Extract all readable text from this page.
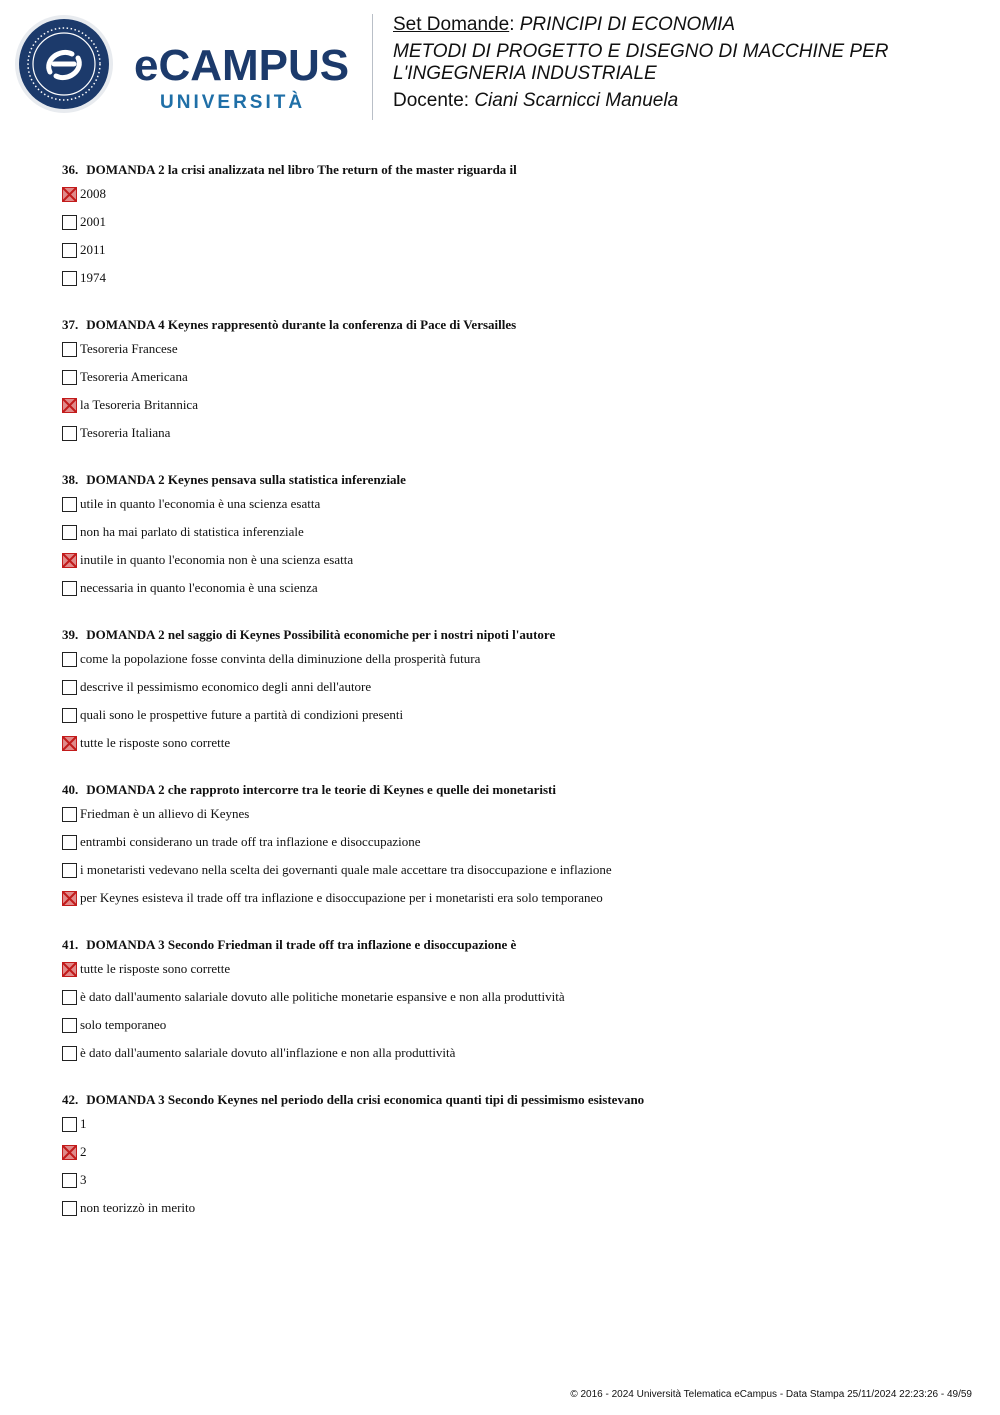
eCAMPUS
UNIVERSITÀ
Set Domande: PRINCIPI DI ECONOMIA
METODI DI PROGETTO E DISEGNO DI MACCHINE PER
L'INGEGNERIA INDUSTRIALE
Docente: Ciani Scarnicci Manuela
36. DOMANDA 2 la crisi analizzata nel libro The return of the master riguarda il
2008
2001
2011
1974
37. DOMANDA 4 Keynes rappresentò durante la conferenza di Pace di Versailles
Tesoreria Francese
Tesoreria Americana
la Tesoreria Britannica
Tesoreria Italiana
38. DOMANDA 2 Keynes pensava sulla statistica inferenziale
utile in quanto l'economia è una scienza esatta
non ha mai parlato di statistica inferenziale
inutile in quanto l'economia non è una scienza esatta
necessaria in quanto l'economia è una scienza
39. DOMANDA 2 nel saggio di Keynes Possibilità economiche per i nostri nipoti l'autore
come la popolazione fosse convinta della diminuzione della prosperità futura
descrive il pessimismo economico degli anni dell'autore
quali sono le prospettive future a partità di condizioni presenti
tutte le risposte sono corrette
40. DOMANDA 2 che rapproto intercorre tra le teorie di Keynes e quelle dei monetaristi
Friedman è un allievo di Keynes
entrambi considerano un trade off tra inflazione e disoccupazione
i monetaristi vedevano nella scelta dei governanti quale male accettare tra disoccupazione e inflazione
per Keynes esisteva il trade off tra inflazione e disoccupazione per i monetaristi era solo temporaneo
41. DOMANDA 3 Secondo Friedman il trade off tra inflazione e disoccupazione è
tutte le risposte sono corrette
è dato dall'aumento salariale dovuto alle politiche monetarie espansive e non alla produttività
solo temporaneo
è dato dall'aumento salariale dovuto all'inflazione e non alla produttività
42. DOMANDA 3 Secondo Keynes nel periodo della crisi economica quanti tipi di pessimismo esistevano
1
2
3
non teorizzò in merito
© 2016 - 2024 Università Telematica eCampus - Data Stampa 25/11/2024 22:23:26 - 49/59
